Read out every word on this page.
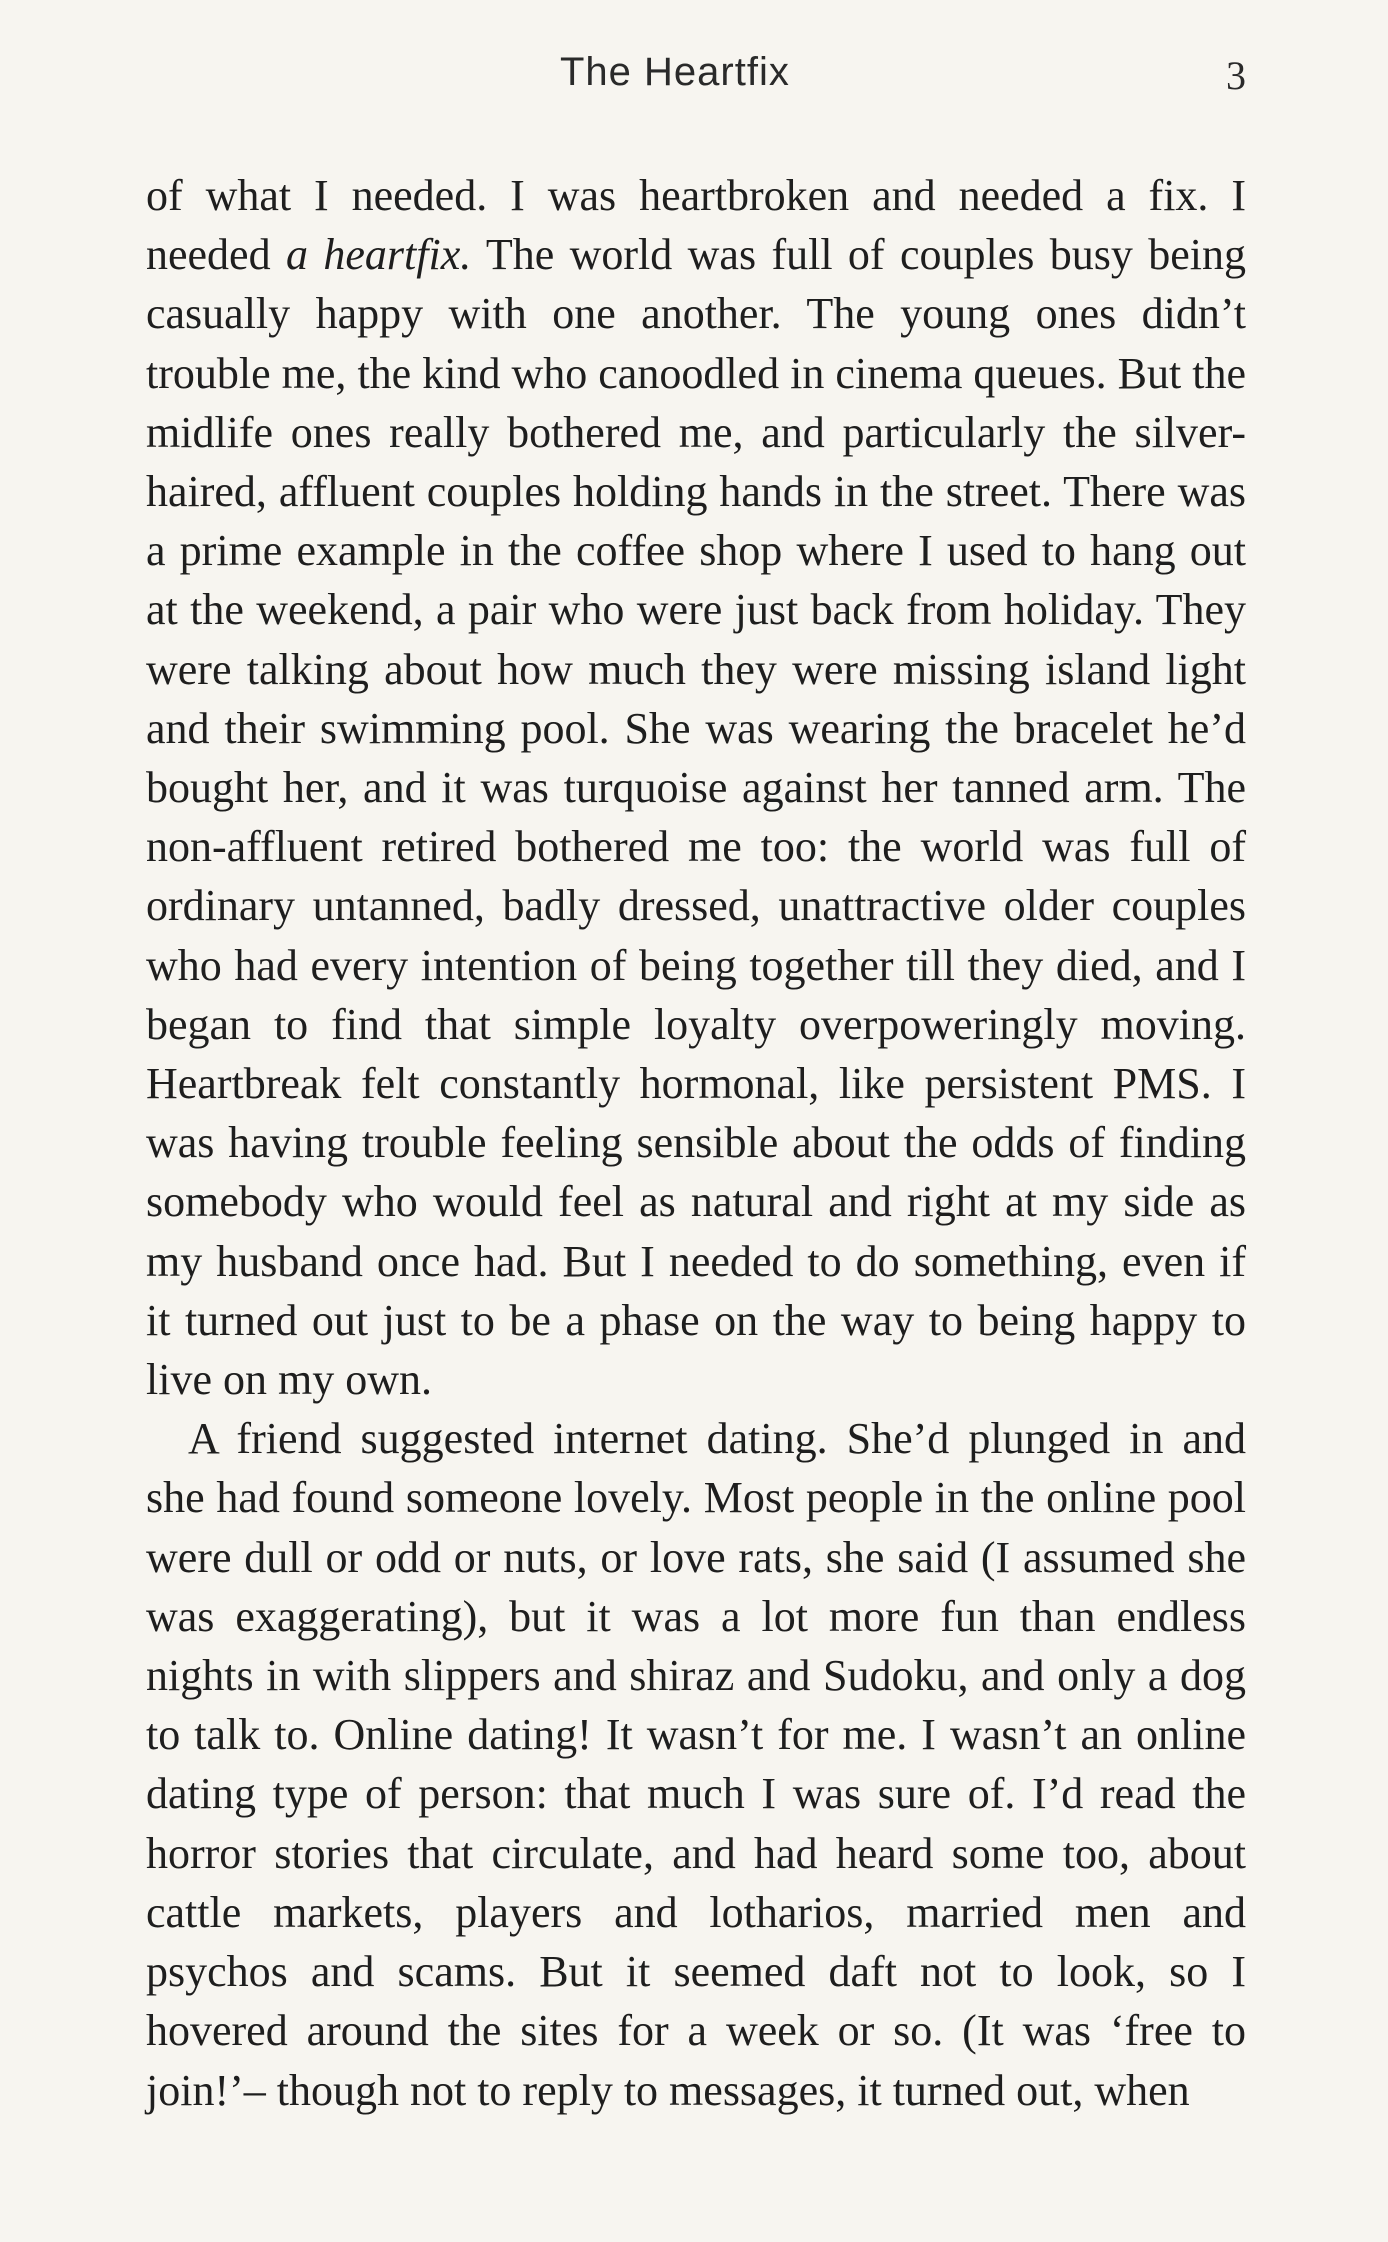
The Heartfix	3

of what I needed. I was heartbroken and needed a fix. I needed a heartfix. The world was full of couples busy being casually happy with one another. The young ones didn’t trouble me, the kind who canoodled in cinema queues. But the midlife ones really bothered me, and particularly the silver-haired, affluent couples holding hands in the street. There was a prime example in the coffee shop where I used to hang out at the weekend, a pair who were just back from holiday. They were talking about how much they were missing island light and their swimming pool. She was wearing the bracelet he’d bought her, and it was turquoise against her tanned arm. The non-affluent retired bothered me too: the world was full of ordinary untanned, badly dressed, unattractive older couples who had every intention of being together till they died, and I began to find that simple loyalty overpoweringly moving. Heartbreak felt constantly hormonal, like persistent PMS. I was having trouble feeling sensible about the odds of finding somebody who would feel as natural and right at my side as my husband once had. But I needed to do something, even if it turned out just to be a phase on the way to being happy to live on my own.

A friend suggested internet dating. She’d plunged in and she had found someone lovely. Most people in the online pool were dull or odd or nuts, or love rats, she said (I assumed she was exaggerating), but it was a lot more fun than endless nights in with slippers and shiraz and Sudoku, and only a dog to talk to. Online dating! It wasn’t for me. I wasn’t an online dating type of person: that much I was sure of. I’d read the horror stories that circulate, and had heard some too, about cattle markets, players and lotharios, married men and psychos and scams. But it seemed daft not to look, so I hovered around the sites for a week or so. (It was ‘free to join!’– though not to reply to messages, it turned out, when
